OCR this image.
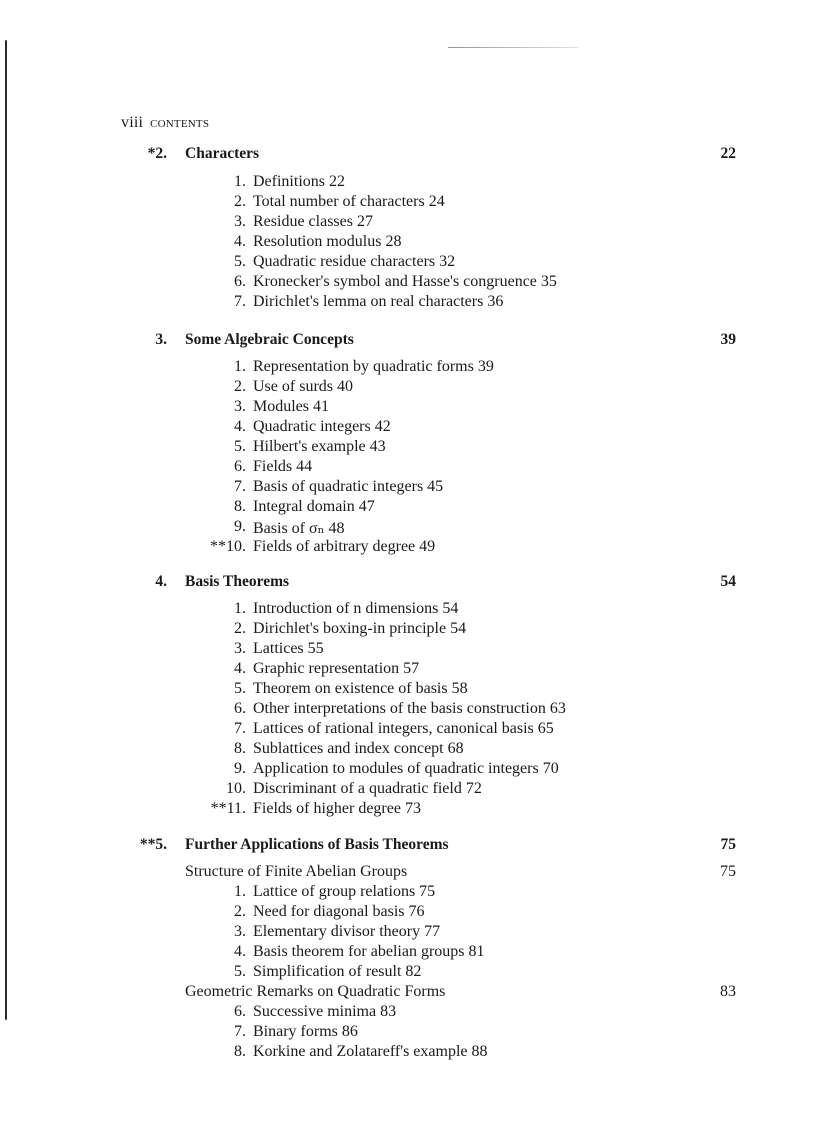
viii contents
*2. Characters	22
1. Definitions 22
2. Total number of characters 24
3. Residue classes 27
4. Resolution modulus 28
5. Quadratic residue characters 32
6. Kronecker's symbol and Hasse's congruence 35
7. Dirichlet's lemma on real characters 36
3. Some Algebraic Concepts	39
1. Representation by quadratic forms 39
2. Use of surds 40
3. Modules 41
4. Quadratic integers 42
5. Hilbert's example 43
6. Fields 44
7. Basis of quadratic integers 45
8. Integral domain 47
9. Basis of σₙ 48
**10. Fields of arbitrary degree 49
4. Basis Theorems	54
1. Introduction of n dimensions 54
2. Dirichlet's boxing-in principle 54
3. Lattices 55
4. Graphic representation 57
5. Theorem on existence of basis 58
6. Other interpretations of the basis construction 63
7. Lattices of rational integers, canonical basis 65
8. Sublattices and index concept 68
9. Application to modules of quadratic integers 70
10. Discriminant of a quadratic field 72
**11. Fields of higher degree 73
**5. Further Applications of Basis Theorems	75
Structure of Finite Abelian Groups	75
1. Lattice of group relations 75
2. Need for diagonal basis 76
3. Elementary divisor theory 77
4. Basis theorem for abelian groups 81
5. Simplification of result 82
Geometric Remarks on Quadratic Forms	83
6. Successive minima 83
7. Binary forms 86
8. Korkine and Zolatareff's example 88
